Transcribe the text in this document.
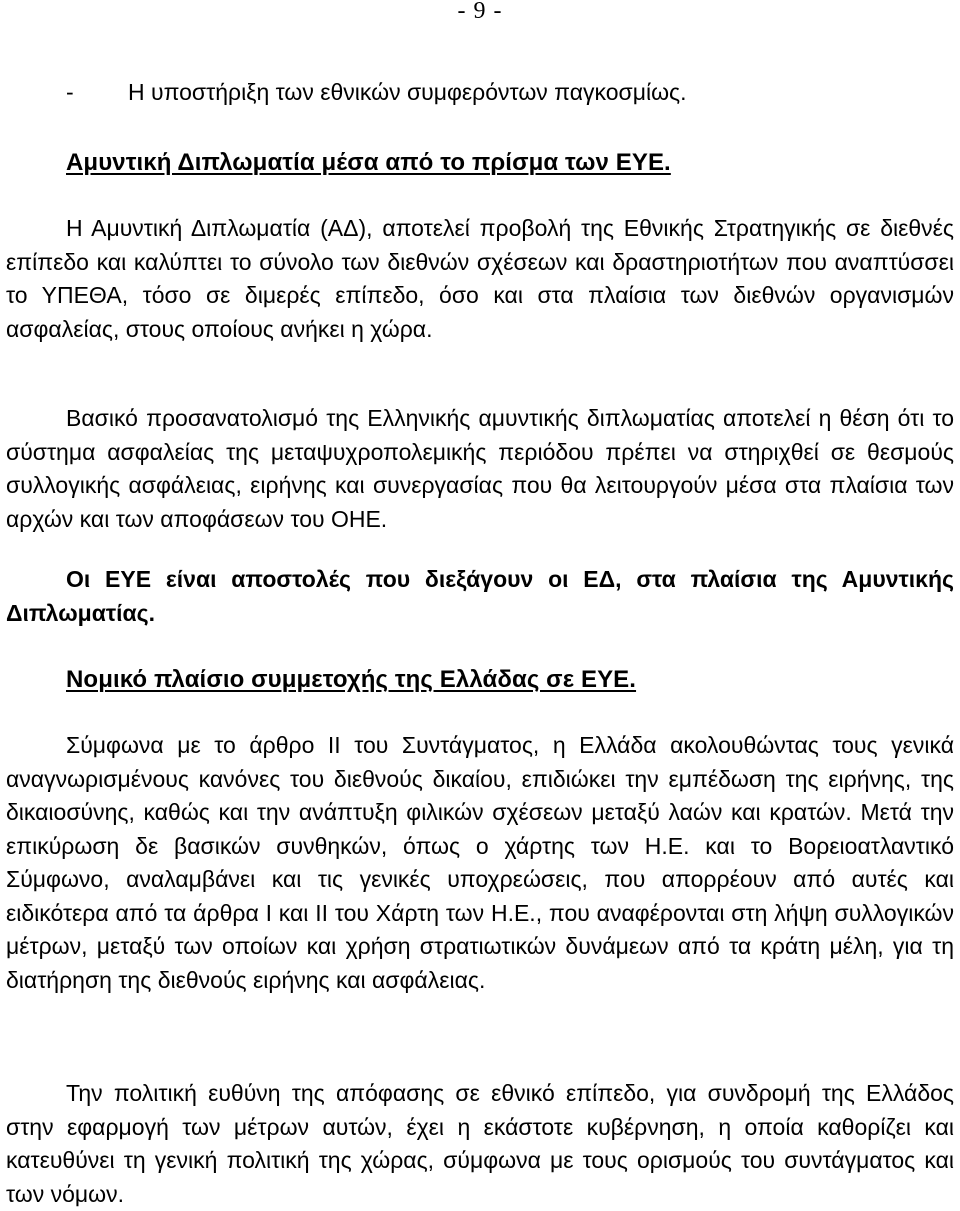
- 9 -
- Η υποστήριξη των εθνικών συμφερόντων παγκοσμίως.
Αμυντική Διπλωματία μέσα από το πρίσμα των ΕΥΕ.

Η Αμυντική Διπλωματία (ΑΔ), αποτελεί προβολή της Εθνικής Στρατηγικής σε διεθνές επίπεδο και καλύπτει το σύνολο των διεθνών σχέσεων και δραστηριοτήτων που αναπτύσσει το ΥΠΕΘΑ, τόσο σε διμερές επίπεδο, όσο και στα πλαίσια των διεθνών οργανισμών ασφαλείας, στους οποίους ανήκει η χώρα.

Βασικό προσανατολισμό της Ελληνικής αμυντικής διπλωματίας αποτελεί η θέση ότι το σύστημα ασφαλείας της μεταψυχροπολεμικής περιόδου πρέπει να στηριχθεί σε θεσμούς συλλογικής ασφάλειας, ειρήνης και συνεργασίας που θα λειτουργούν μέσα στα πλαίσια των αρχών και των αποφάσεων του ΟΗΕ.

Οι ΕΥΕ είναι αποστολές που διεξάγουν οι ΕΔ, στα πλαίσια της Αμυντικής Διπλωματίας.

Νομικό πλαίσιο συμμετοχής της Ελλάδας σε ΕΥΕ.

Σύμφωνα με το άρθρο ΙΙ του Συντάγματος, η Ελλάδα ακολουθώντας τους γενικά αναγνωρισμένους κανόνες του διεθνούς δικαίου, επιδιώκει την εμπέδωση της ειρήνης, της δικαιοσύνης, καθώς και την ανάπτυξη φιλικών σχέσεων μεταξύ λαών και κρατών. Μετά την επικύρωση δε βασικών συνθηκών, όπως ο χάρτης των Η.Ε. και το Βορειοατλαντικό Σύμφωνο, αναλαμβάνει και τις γενικές υποχρεώσεις, που απορρέουν από αυτές και ειδικότερα από τα άρθρα Ι και ΙΙ του Χάρτη των Η.Ε., που αναφέρονται στη λήψη συλλογικών μέτρων, μεταξύ των οποίων και χρήση στρατιωτικών δυνάμεων από τα κράτη μέλη, για τη διατήρηση της διεθνούς ειρήνης και ασφάλειας.

Την πολιτική ευθύνη της απόφασης σε εθνικό επίπεδο, για συνδρομή της Ελλάδος στην εφαρμογή των μέτρων αυτών, έχει η εκάστοτε κυβέρνηση, η οποία καθορίζει και κατευθύνει τη γενική πολιτική της χώρας, σύμφωνα με τους ορισμούς του συντάγματος και των νόμων.
